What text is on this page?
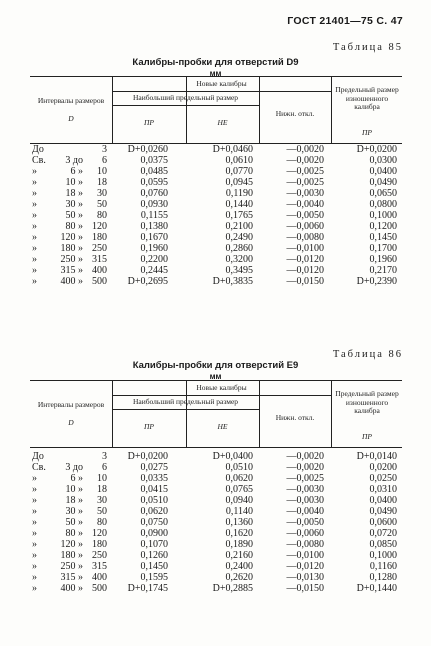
ГОСТ 21401—75 С. 47
Таблица 85
Калибры-пробки для отверстий D9
мм
Интервалы размеров
D
Новые калибры
Наибольший предельный размер
ПР	НЕ
Нижн. откл.
Предельный размер изношенного калибра
ПР
До	3	D+0,0260	D+0,0460	—0,0020	D+0,0200
Св.	3 до	6	0,0375	0,0610	—0,0020	0,0300
»	6 »	10	0,0485	0,0770	—0,0025	0,0400
»	10 »	18	0,0595	0,0945	—0,0025	0,0490
»	18 »	30	0,0760	0,1190	—0,0030	0,0650
»	30 »	50	0,0930	0,1440	—0,0040	0,0800
»	50 »	80	0,1155	0,1765	—0,0050	0,1000
»	80 » 120	0,1380	0,2100	—0,0060	0,1200
»	120 » 180	0,1670	0,2490	—0,0080	0,1450
»	180 » 250	0,1960	0,2860	—0,0100	0,1700
»	250 » 315	0,2200	0,3200	—0,0120	0,1960
»	315 » 400	0,2445	0,3495	—0,0120	0,2170
»	400 » 500	D+0,2695	D+0,3835	—0,0150	D+0,2390
Таблица 86
Калибры-пробки для отверстий Е9
мм
Интервалы размеров
D
Новые калибры
Наибольший предельный размер
ПР	НЕ
Нижн. откл.
Предельный размер изношенного калибра
ПР
До	3	D+0,0200	D+0,0400	—0,0020	D+0,0140
Св.	3 до	6	0,0275	0,0510	—0,0020	0,0200
»	6 »	10	0,0335	0,0620	—0,0025	0,0250
»	10 »	18	0,0415	0,0765	—0,0030	0,0310
»	18 »	30	0,0510	0,0940	—0,0030	0,0400
»	30 »	50	0,0620	0,1140	—0,0040	0,0490
»	50 »	80	0,0750	0,1360	—0,0050	0,0600
»	80 » 120	0,0900	0,1620	—0,0060	0,0720
»	120 » 180	0,1070	0,1890	—0,0080	0,0850
»	180 » 250	0,1260	0,2160	—0,0100	0,1000
»	250 » 315	0,1450	0,2400	—0,0120	0,1160
»	315 » 400	0,1595	0,2620	—0,0130	0,1280
»	400 » 500	D+0,1745	D+0,2885	—0,0150	D+0,1440
